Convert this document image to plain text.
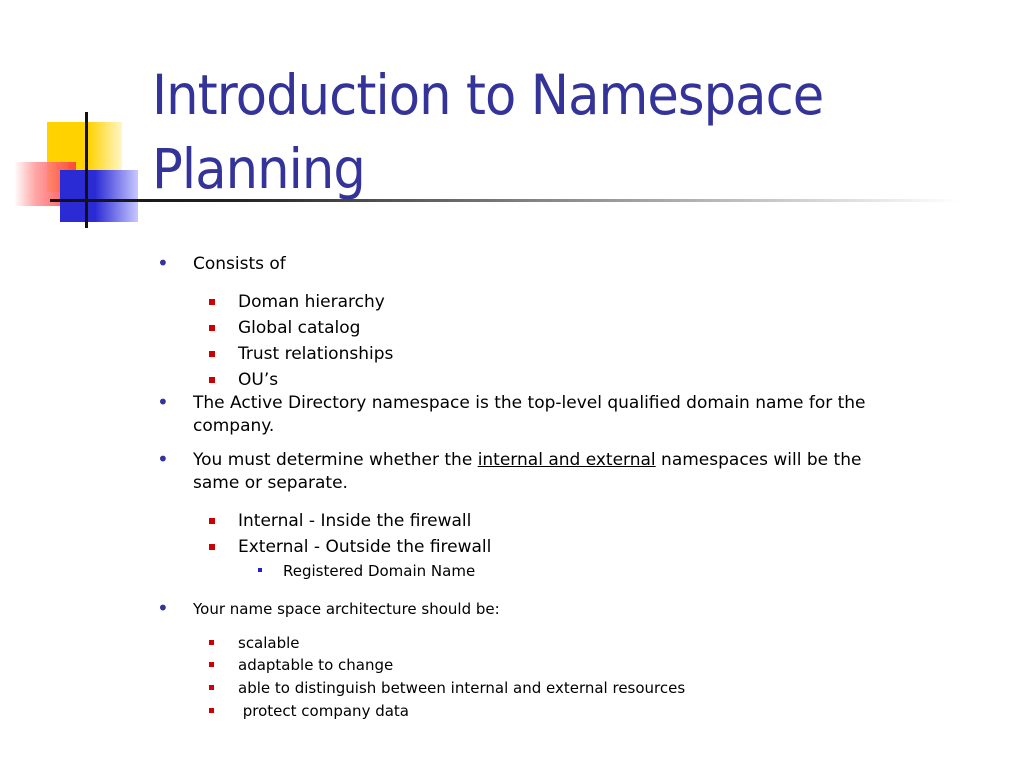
Introduction to Namespace
Planning
• Consists of
Doman hierarchy
Global catalog
Trust relationships
OU’s
• The Active Directory namespace is the top-level qualified domain name for the company.
• You must determine whether the internal and external namespaces will be the same or separate.
Internal - Inside the firewall
External - Outside the firewall
Registered Domain Name
• Your name space architecture should be:
scalable
adaptable to change
able to distinguish between internal and external resources
protect company data
